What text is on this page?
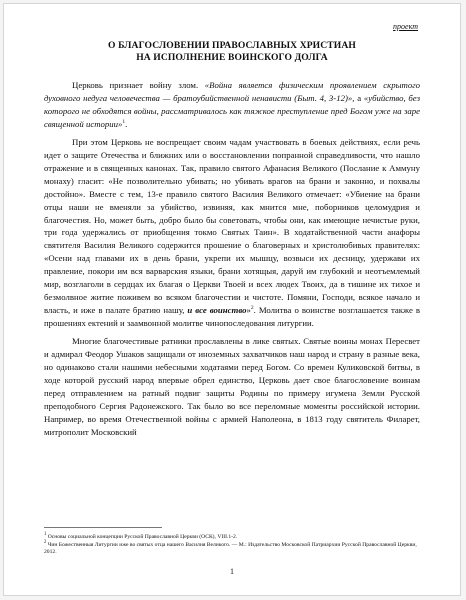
проект
О БЛАГОСЛОВЕНИИ ПРАВОСЛАВНЫХ ХРИСТИАН
НА ИСПОЛНЕНИЕ ВОИНСКОГО ДОЛГА

Церковь признает войну злом. «Война является физическим проявлением скрытого духовного недуга человечества — братоубийственной ненависти (Быт. 4, 3-12)», а «убийство, без которого не обходятся войны, рассматривалось как тяжкое преступление пред Богом уже на заре священной истории»$^1$.

При этом Церковь не воспрещает своим чадам участвовать в боевых действиях, если речь идет о защите Отечества и ближних или о восстановлении попранной справедливости, что нашло отражение и в священных канонах. Так, правило святого Афанасия Великого (Послание к Аммуну монаху) гласит: «Не позволительно убивать; но убивать врагов на брани и законно, и похвалы достойно». Вместе с тем, 13-е правило святого Василия Великого отмечает: «Убиение на брани отцы наши не вменяли за убийство, извиняя, как мнится мне, поборников целомудрия и благочестия. Но, может быть, добро было бы советовать, чтобы они, как имеющие нечистые руки, три года удержались от приобщения токмо Святых Таин». В ходатайственной части анафоры святителя Василия Великого содержится прошение о благоверных и христолюбивых правителях: «Осени над главами их в день брани, укрепи их мышцу, возвыси их десницу, удержави их правление, покори им вся варварския языки, брани хотящыя, даруй им глубокий и неотъемлемый мир, возглаголи в сердцах их благая о Церкви Твоей и всех людех Твоих, да в тишине их тихое и безмолвное житие поживем во всяком благочестии и чистоте. Помяни, Господи, всякое начало и власть, и иже в палате братию нашу, и все воинство»$^2$. Молитва о воинстве возглашается также в прошениях ектений и заамвонной молитве чинопоследования литургии.

Многие благочестивые ратники прославлены в лике святых. Святые воины монах Пересвет и адмирал Феодор Ушаков защищали от иноземных захватчиков наш народ и страну в разные века, но одинаково стали нашими небесными ходатаями перед Богом. Со времен Куликовской битвы, в ходе которой русский народ впервые обрел единство, Церковь дает свое благословение воинам перед отправлением на ратный подвиг защиты Родины по примеру игумена Земли Русской преподобного Сергия Радонежского. Так было во все переломные моменты российской истории. Например, во время Отечественной войны с армией Наполеона, в 1813 году святитель Филарет, митрополит Московский

$^1$ Основы социальной концепции Русской Православной Церкви (ОСК), VIII.1-2.
$^2$ Чин Божественныя Литургии иже во святых отца нашего Василия Великого. — М.: Издательство Московской Патриархии Русской Православной Церкви, 2012.
1
